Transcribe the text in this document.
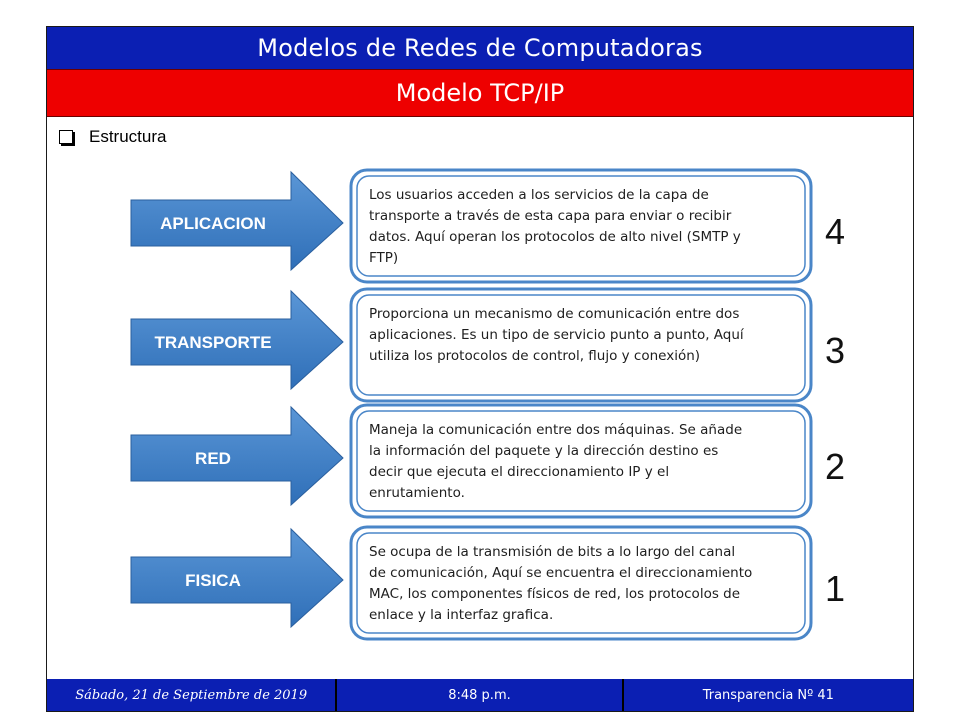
Modelos de Redes de Computadoras
Modelo TCP/IP
Estructura
APLICACION
Los usuarios acceden a los servicios de la capa de
transporte a través de esta capa para enviar o recibir
datos. Aquí operan los protocolos de alto nivel (SMTP y
FTP)
4
TRANSPORTE
Proporciona un mecanismo de comunicación entre dos
aplicaciones. Es un tipo de servicio punto a punto, Aquí
utiliza los protocolos de control, flujo y conexión)	3
RED
Maneja la comunicación entre dos máquinas. Se añade
la información del paquete y la dirección destino es
decir que ejecuta el direccionamiento IP y el
enrutamiento.
2
FISICA
Se ocupa de la transmisión de bits a lo largo del canal
de comunicación, Aquí se encuentra el direccionamiento
MAC, los componentes físicos de red, los protocolos de
enlace y la interfaz grafica.
1
Sábado, 21 de Septiembre de 2019	8:48 p.m.	Transparencia Nº 41
